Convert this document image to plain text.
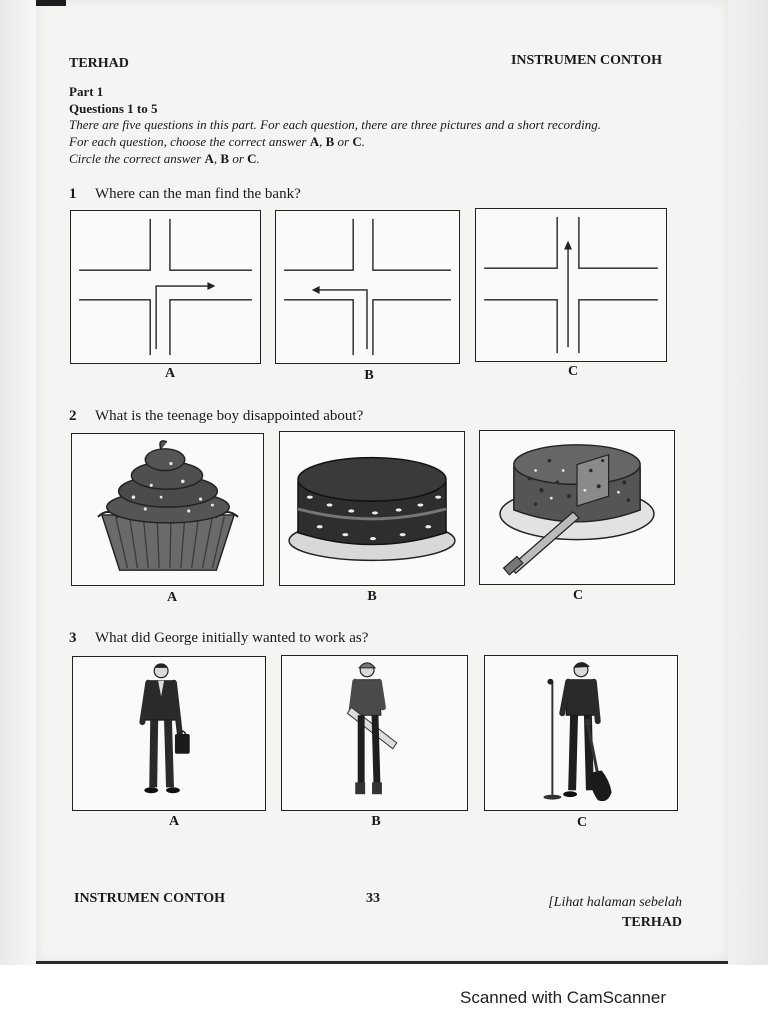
TERHAD	INSTRUMEN CONTOH
Part 1
Questions 1 to 5
There are five questions in this part. For each question, there are three pictures and a short recording.
For each question, choose the correct answer A, B or C.
Circle the correct answer A, B or C.
1 Where can the man find the bank?
A	B	C
2 What is the teenage boy disappointed about?
A	B	C
3 What did George initially wanted to work as?
A	B	C
INSTRUMEN CONTOH	33	[Lihat halaman sebelah
TERHAD
Scanned with CamScanner
